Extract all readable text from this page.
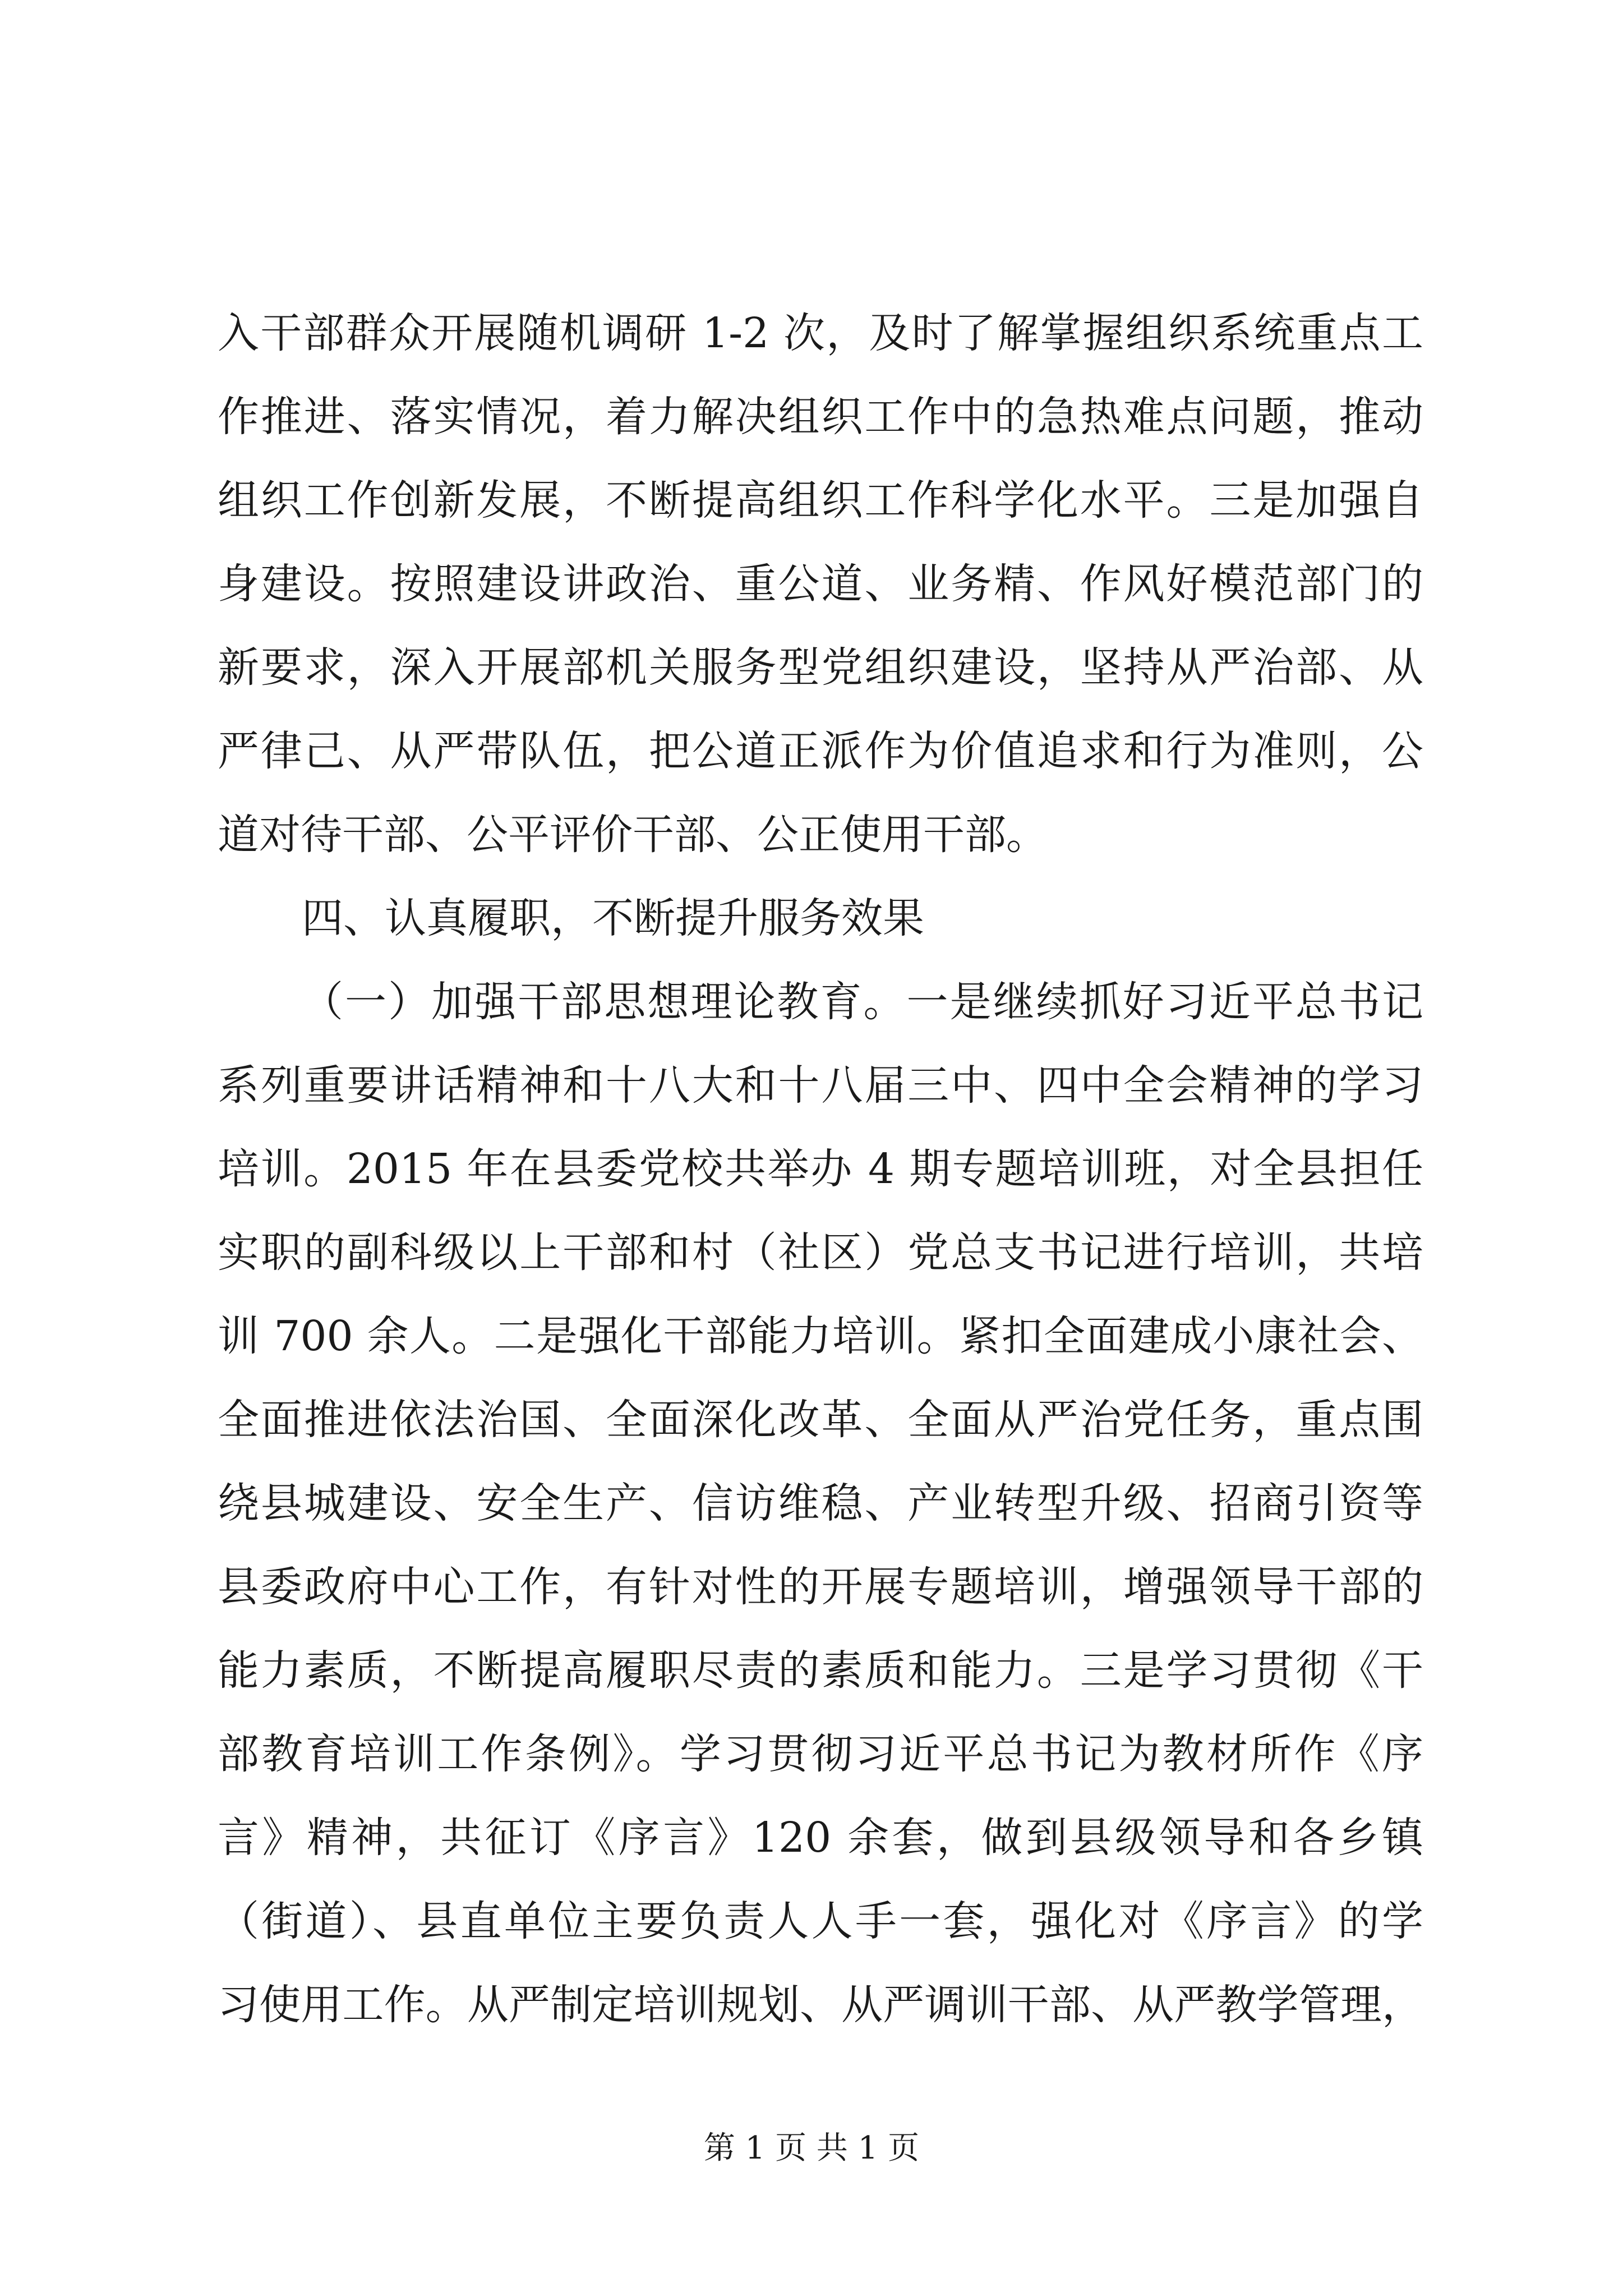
入干部群众开展随机调研 1-2 次，及时了解掌握组织系统重点工
作推进、落实情况，着力解决组织工作中的急热难点问题，推动
组织工作创新发展，不断提高组织工作科学化水平。三是加强自
身建设。按照建设讲政治、重公道、业务精、作风好模范部门的
新要求，深入开展部机关服务型党组织建设，坚持从严治部、从
严律己、从严带队伍，把公道正派作为价值追求和行为准则，公
道对待干部、公平评价干部、公正使用干部。
四、认真履职，不断提升服务效果
（一）加强干部思想理论教育。一是继续抓好习近平总书记
系列重要讲话精神和十八大和十八届三中、四中全会精神的学习
培训。2015 年在县委党校共举办 4 期专题培训班，对全县担任
实职的副科级以上干部和村（社区）党总支书记进行培训，共培
训 700 余人。二是强化干部能力培训。紧扣全面建成小康社会、
全面推进依法治国、全面深化改革、全面从严治党任务，重点围
绕县城建设、安全生产、信访维稳、产业转型升级、招商引资等
县委政府中心工作，有针对性的开展专题培训，增强领导干部的
能力素质，不断提高履职尽责的素质和能力。三是学习贯彻《干
部教育培训工作条例》。学习贯彻习近平总书记为教材所作《序
言》精神，共征订《序言》120 余套，做到县级领导和各乡镇
（街道）、县直单位主要负责人人手一套，强化对《序言》的学
习使用工作。从严制定培训规划、从严调训干部、从严教学管理，
第 1 页 共 1 页
